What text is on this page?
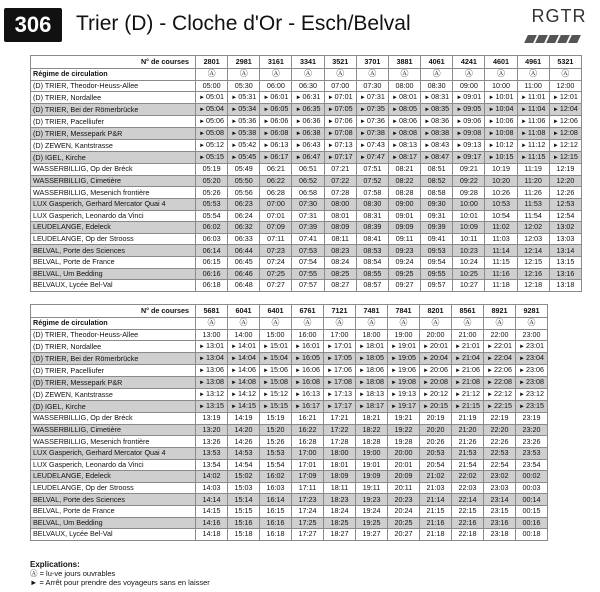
306	Trier (D) - Cloche d'Or - Esch/Belval	RGTR
N° de courses	2801	2981	3161	3341	3521	3701	3881	4061	4241	4601	4961	5321
Régime de circulation	Ⓐ	Ⓐ	Ⓐ	Ⓐ	Ⓐ	Ⓐ	Ⓐ	Ⓐ	Ⓐ	Ⓐ	Ⓐ	Ⓐ
(D) TRIER, Theodor-Heuss-Allee	05:00	05:30	06:00	06:30	07:00	07:30	08:00	08:30	09:00	10:00	11:00	12:00
(D) TRIER, Nordallee	►05:01	►05:31	►06:01	►06:31	►07:01	►07:31	►08:01	►08:31	►09:01	►10:01	►11:01	►12:01
(D) TRIER, Bei der Römerbrücke	►05:04	►05:34	►06:05	►06:35	►07:05	►07:35	►08:05	►08:35	►09:05	►10:04	►11:04	►12:04
(D) TRIER, Pacelliufer	►05:06	►05:36	►06:06	►06:36	►07:06	►07:36	►08:06	►08:36	►09:06	►10:06	►11:06	►12:06
(D) TRIER, Messepark P&R	►05:08	►05:38	►06:08	►06:38	►07:08	►07:38	►08:08	►08:38	►09:08	►10:08	►11:08	►12:08
(D) ZEWEN, Kantstrasse	►05:12	►05:42	►06:13	►06:43	►07:13	►07:43	►08:13	►08:43	►09:13	►10:12	►11:12	►12:12
(D) IGEL, Kirche	►05:15	►05:45	►06:17	►06:47	►07:17	►07:47	►08:17	►08:47	►09:17	►10:15	►11:15	►12:15
WASSERBILLIG, Op der Bréck	05:19	05:49	06:21	06:51	07:21	07:51	08:21	08:51	09:21	10:19	11:19	12:19
WASSERBILLIG, Cimetière	05:20	05:50	06:22	06:52	07:22	07:52	08:22	08:52	09:22	10:20	11:20	12:20
WASSERBILLIG, Mesenich frontière	05:26	05:56	06:28	06:58	07:28	07:58	08:28	08:58	09:28	10:26	11:26	12:26
LUX Gasperich, Gerhard Mercator Quai 4	05:53	06:23	07:00	07:30	08:00	08:30	09:00	09:30	10:00	10:53	11:53	12:53
LUX Gasperich, Leonardo da Vinci	05:54	06:24	07:01	07:31	08:01	08:31	09:01	09:31	10:01	10:54	11:54	12:54
LEUDELANGE, Edeleck	06:02	06:32	07:09	07:39	08:09	08:39	09:09	09:39	10:09	11:02	12:02	13:02
LEUDELANGE, Op der Strooss	06:03	06:33	07:11	07:41	08:11	08:41	09:11	09:41	10:11	11:03	12:03	13:03
BELVAL, Porte des Sciences	06:14	06:44	07:23	07:53	08:23	08:53	09:23	09:53	10:23	11:14	12:14	13:14
BELVAL, Porte de France	06:15	06:45	07:24	07:54	08:24	08:54	09:24	09:54	10:24	11:15	12:15	13:15
BELVAL, Um Bedding	06:16	06:46	07:25	07:55	08:25	08:55	09:25	09:55	10:25	11:16	12:16	13:16
BELVAUX, Lycée Bel-Val	06:18	06:48	07:27	07:57	08:27	08:57	09:27	09:57	10:27	11:18	12:18	13:18
N° de courses	5681	6041	6401	6761	7121	7481	7841	8201	8561	8921	9281
Régime de circulation	Ⓐ	Ⓐ	Ⓐ	Ⓐ	Ⓐ	Ⓐ	Ⓐ	Ⓐ	Ⓐ	Ⓐ	Ⓐ
(D) TRIER, Theodor-Heuss-Allee	13:00	14:00	15:00	16:00	17:00	18:00	19:00	20:00	21:00	22:00	23:00
(D) TRIER, Nordallee	►13:01	►14:01	►15:01	►16:01	►17:01	►18:01	►19:01	►20:01	►21:01	►22:01	►23:01
(D) TRIER, Bei der Römerbrücke	►13:04	►14:04	►15:04	►16:05	►17:05	►18:05	►19:05	►20:04	►21:04	►22:04	►23:04
(D) TRIER, Pacelliufer	►13:06	►14:06	►15:06	►16:06	►17:06	►18:06	►19:06	►20:06	►21:06	►22:06	►23:06
(D) TRIER, Messepark P&R	►13:08	►14:08	►15:08	►16:08	►17:08	►18:08	►19:08	►20:08	►21:08	►22:08	►23:08
(D) ZEWEN, Kantstrasse	►13:12	►14:12	►15:12	►16:13	►17:13	►18:13	►19:13	►20:12	►21:12	►22:12	►23:12
(D) IGEL, Kirche	►13:15	►14:15	►15:15	►16:17	►17:17	►18:17	►19:17	►20:15	►21:15	►22:15	►23:15
WASSERBILLIG, Op der Bréck	13:19	14:19	15:19	16:21	17:21	18:21	19:21	20:19	21:19	22:19	23:19
WASSERBILLIG, Cimetière	13:20	14:20	15:20	16:22	17:22	18:22	19:22	20:20	21:20	22:20	23:20
WASSERBILLIG, Mesenich frontière	13:26	14:26	15:26	16:28	17:28	18:28	19:28	20:26	21:26	22:26	23:26
LUX Gasperich, Gerhard Mercator Quai 4	13:53	14:53	15:53	17:00	18:00	19:00	20:00	20:53	21:53	22:53	23:53
LUX Gasperich, Leonardo da Vinci	13:54	14:54	15:54	17:01	18:01	19:01	20:01	20:54	21:54	22:54	23:54
LEUDELANGE, Edeleck	14:02	15:02	16:02	17:09	18:09	19:09	20:09	21:02	22:02	23:02	00:02
LEUDELANGE, Op der Strooss	14:03	15:03	16:03	17:11	18:11	19:11	20:11	21:03	22:03	23:03	00:03
BELVAL, Porte des Sciences	14:14	15:14	16:14	17:23	18:23	19:23	20:23	21:14	22:14	23:14	00:14
BELVAL, Porte de France	14:15	15:15	16:15	17:24	18:24	19:24	20:24	21:15	22:15	23:15	00:15
BELVAL, Um Bedding	14:16	15:16	16:16	17:25	18:25	19:25	20:25	21:16	22:16	23:16	00:16
BELVAUX, Lycée Bel-Val	14:18	15:18	16:18	17:27	18:27	19:27	20:27	21:18	22:18	23:18	00:18
Explications:
Ⓐ = lu-ve jours ouvrables
► = Arrêt pour prendre des voyageurs sans en laisser
